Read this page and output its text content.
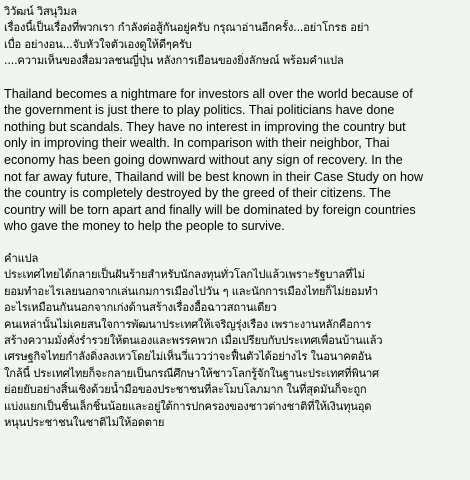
วิวัฒน์ วิสนุวิมล
เรื่องนี้เป็นเรื่องที่พวกเรา กำลังต่อสู้กันอยู่ครับ กรุณาอ่านอีกครั้ง...อย่าโกรธ อย่า
เบื่อ อย่างอน...จับหัวใจตัวเองดูให้ดีๆครับ
....ความเห็นของสื่อมวลชนญี่ปุ่น หลังการเยือนของยิ่งลักษณ์ พร้อมคำแปล
Thailand becomes a nightmare for investors all over the world because of
the government is just there to play politics. Thai politicians have done
nothing but scandals. They have no interest in improving the country but
only in improving their wealth. In comparison with their neighbor, Thai
economy has been going downward without any sign of recovery. In the
not far away future, Thailand will be best known in their Case Study on how
the country is completely destroyed by the greed of their citizens. The
country will be torn apart and finally will be dominated by foreign countries
who gave the money to help the people to survive.
คำแปล
ประเทศไทยได้กลายเป็นฝันร้ายสำหรับนักลงทุนทั่วโลกไปแล้วเพราะรัฐบาลที่ไม่
ยอมทำอะไรเลยนอกจากเล่นเกมการเมืองไปวัน ๆ และนักการเมืองไทยก็ไม่ยอมทำ
อะไรเหมือนกันนอกจากเก่งด้านสร้างเรื่องอื้อฉาวสถานเดียว
คนเหล่านั้นไม่เคยสนใจการพัฒนาประเทศให้เจริญรุ่งเรือง เพราะงานหลักคือการ
สร้างความมั่งคั่งร่ำรวยให้ตนเองและพรรคพวก เมื่อเปรียบกับประเทศเพื่อนบ้านแล้ว
เศรษฐกิจไทยกำลังดิ่งลงเหวโดยไม่เห็นวี่แววว่าจะฟื้นตัวได้อย่างไร ในอนาคตอัน
ใกล้นี้ ประเทศไทยก็จะกลายเป็นกรณีศึกษาให้ชาวโลกรู้จักในฐานะประเทศที่พินาศ
ย่อยยับอย่างสิ้นเชิงด้วยน้ำมือของประชาชนที่ละโมบโลภมาก ในที่สุดมันก็จะถูก
แบ่งแยกเป็นชิ้นเล็กชิ้นน้อยและอยู่ใต้การปกครองของชาวต่างชาติที่ให้เงินทุนอุด
หนุนประชาชนในชาติไม่ให้อดตาย
